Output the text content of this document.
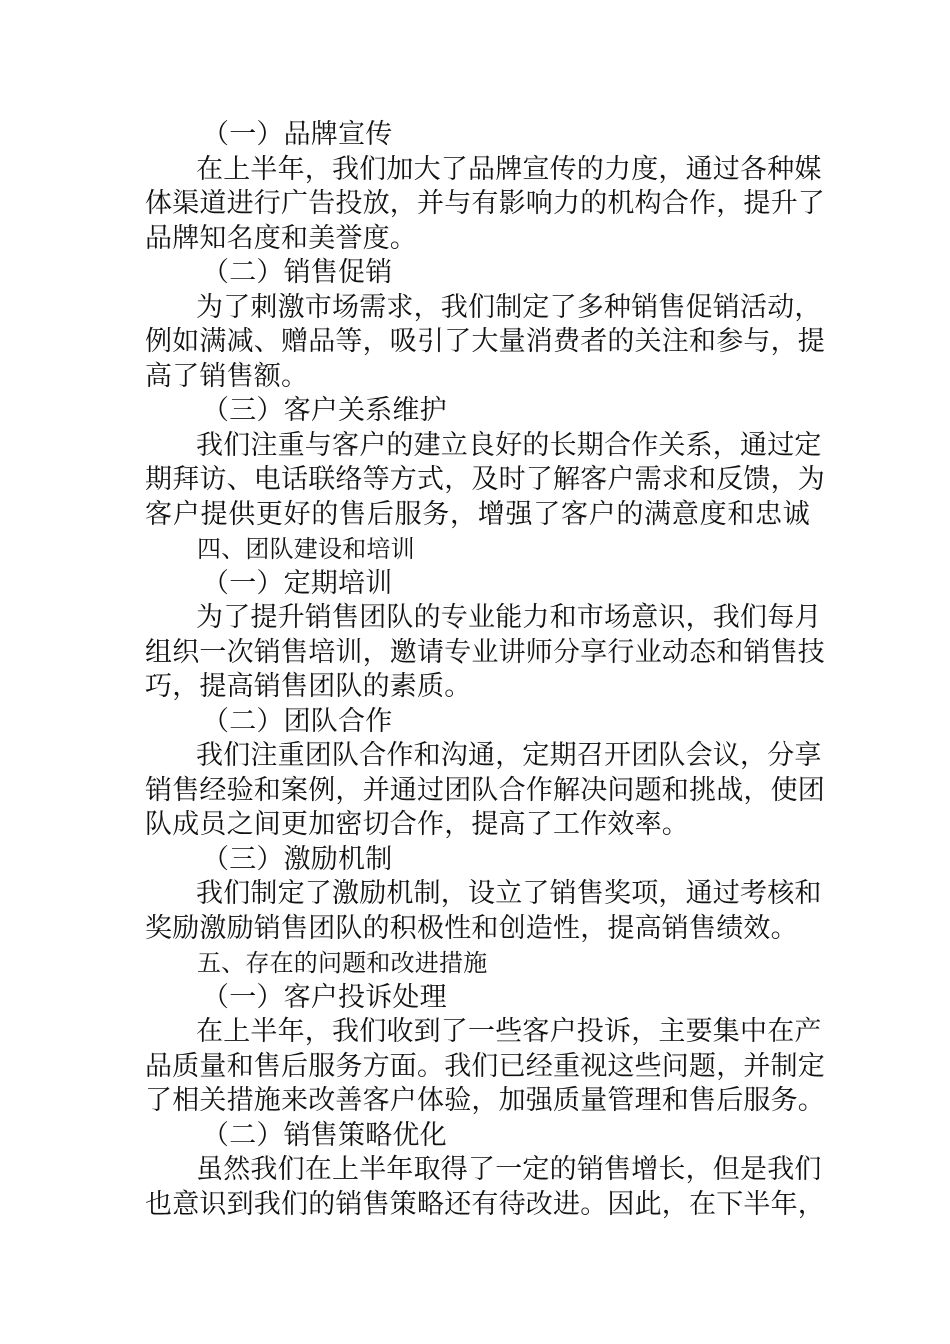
（一）品牌宣传
在上半年，我们加大了品牌宣传的力度，通过各种媒
体渠道进行广告投放，并与有影响力的机构合作，提升了
品牌知名度和美誉度。
（二）销售促销
为了刺激市场需求，我们制定了多种销售促销活动，
例如满减、赠品等，吸引了大量消费者的关注和参与，提
高了销售额。
（三）客户关系维护
我们注重与客户的建立良好的长期合作关系，通过定
期拜访、电话联络等方式，及时了解客户需求和反馈，为
客户提供更好的售后服务，增强了客户的满意度和忠诚
四、团队建设和培训
（一）定期培训
为了提升销售团队的专业能力和市场意识，我们每月
组织一次销售培训，邀请专业讲师分享行业动态和销售技
巧，提高销售团队的素质。
（二）团队合作
我们注重团队合作和沟通，定期召开团队会议，分享
销售经验和案例，并通过团队合作解决问题和挑战，使团
队成员之间更加密切合作，提高了工作效率。
（三）激励机制
我们制定了激励机制，设立了销售奖项，通过考核和
奖励激励销售团队的积极性和创造性，提高销售绩效。
五、存在的问题和改进措施
（一）客户投诉处理
在上半年，我们收到了一些客户投诉，主要集中在产
品质量和售后服务方面。我们已经重视这些问题，并制定
了相关措施来改善客户体验，加强质量管理和售后服务。
（二）销售策略优化
虽然我们在上半年取得了一定的销售增长，但是我们
也意识到我们的销售策略还有待改进。因此，在下半年，
